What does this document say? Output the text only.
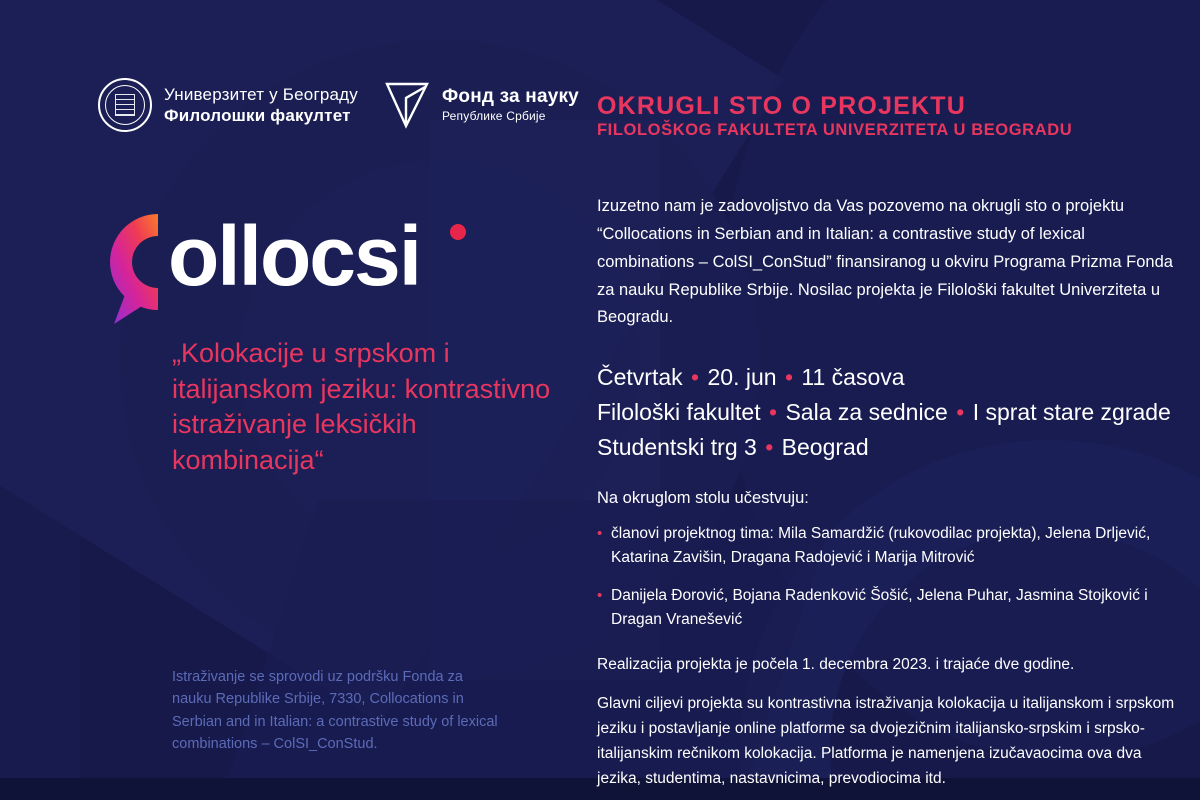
Универзитет у Београду
Филолошки факултет
Фонд за науку
Републике Србије
ollocsi
„Kolokacije u srpskom i italijanskom jeziku: kontrastivno istraživanje leksičkih kombinacija“
Istraživanje se sprovodi uz podršku Fonda za nauku Republike Srbije, 7330, Collocations in Serbian and in Italian: a contrastive study of lexical combinations – ColSI_ConStud.
OKRUGLI STO O PROJEKTU
FILOLOŠKOG FAKULTETA UNIVERZITETA U BEOGRADU
Izuzetno nam je zadovoljstvo da Vas pozovemo na okrugli sto o projektu “Collocations in Serbian and in Italian: a contrastive study of lexical combinations – ColSI_ConStud” finansiranog u okviru Programa Prizma Fonda za nauku Republike Srbije. Nosilac projekta je Filološki fakultet Univerziteta u Beogradu.
Četvrtak • 20. jun • 11 časova
Filološki fakultet • Sala za sednice • I sprat stare zgrade
Studentski trg 3 • Beograd
Na okruglom stolu učestvuju:
• članovi projektnog tima: Mila Samardžić (rukovodilac projekta), Jelena Drljević, Katarina Zavišin, Dragana Radojević i Marija Mitrović
• Danijela Đorović, Bojana Radenković Šošić, Jelena Puhar, Jasmina Stojković i Dragan Vranešević

Realizacija projekta je počela 1. decembra 2023. i trajaće dve godine.

Glavni ciljevi projekta su kontrastivna istraživanja kolokacija u italijanskom i srpskom jeziku i postavljanje online platforme sa dvojezičnim italijansko-srpskim i srpsko-italijanskim rečnikom kolokacija. Platforma je namenjena izučavaocima ova dva jezika, studentima, nastavnicima, prevodiocima itd.
